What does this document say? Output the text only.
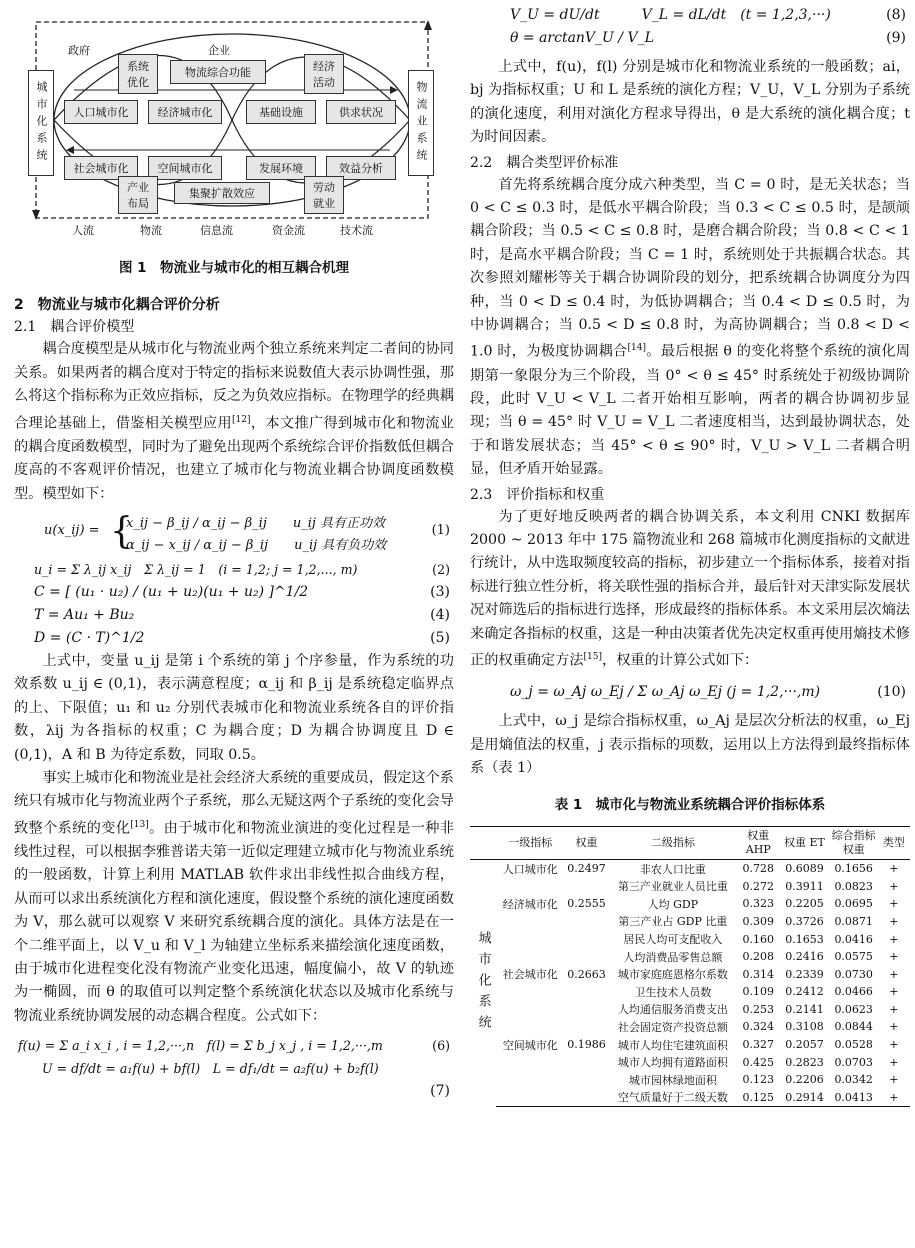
城市化系统	物流业系统
政府	企业
系统优化
物流综合功能	经济活动
人口城市化	经济城市化
社会城市化	空间城市化
基础设施	供求状况
发展环境	效益分析
产业布局
集聚扩散效应	劳动就业
人流	物流	信息流	资金流	技术流

图 1　物流业与城市化的相互耦合机理

2　物流业与城市化耦合评价分析

2.1　耦合评价模型

耦合度模型是从城市化与物流业两个独立系统来判定二者间的协同关系。如果两者的耦合度对于特定的指标来说数值大表示协调性强，那么将这个指标称为正效应指标，反之为负效应指标。在物理学的经典耦合理论基础上，借鉴相关模型应用[12]，本文推广得到城市化和物流业的耦合度函数模型，同时为了避免出现两个系统综合评价指数低但耦合度高的不客观评价情况，也建立了城市化与物流业耦合协调度函数模型。模型如下：

u(x_ij) = {
x_ij − β_ij / α_ij − β_ij　　u_ij 具有正功效
α_ij − x_ij / α_ij − β_ij　　u_ij 具有负功效
(1)
u_i = Σ λ_ij x_ij　Σ λ_ij = 1　(i = 1,2; j = 1,2,..., m)	(2)
C = [ (u₁ · u₂) / (u₁ + u₂)(u₁ + u₂) ]^1/2	(3)
T = Au₁ + Bu₂	(4)
D = (C · T)^1/2	(5)

上式中，变量 u_ij 是第 i 个系统的第 j 个序参量，作为系统的功效系数 u_ij ∈ (0,1)，表示满意程度；α_ij 和 β_ij 是系统稳定临界点的上、下限值；u₁ 和 u₂ 分别代表城市化和物流业系统各自的评价指数，λij 为各指标的权重；C 为耦合度；D 为耦合协调度且 D ∈ (0,1)，A 和 B 为待定系数，同取 0.5。

事实上城市化和物流业是社会经济大系统的重要成员，假定这个系统只有城市化与物流业两个子系统，那么无疑这两个子系统的变化会导致整个系统的变化[13]。由于城市化和物流业演进的变化过程是一种非线性过程，可以根据李雅普诺夫第一近似定理建立城市化与物流业系统的一般函数，计算上利用 MATLAB 软件求出非线性拟合曲线方程，从而可以求出系统演化方程和演化速度，假设整个系统的演化速度函数为 V，那么就可以观察 V 来研究系统耦合度的演化。具体方法是在一个二维平面上，以 V_u 和 V_l 为轴建立坐标系来描绘演化速度函数，由于城市化进程变化没有物流产业变化迅速，幅度偏小，故 V 的轨迹为一椭圆，而 θ 的取值可以判定整个系统演化状态以及城市化系统与物流业系统协调发展的动态耦合程度。公式如下：

f(u) = Σ a_i x_i , i = 1,2,···,n　f(l) = Σ b_j x_j , i = 1,2,···,m	(6)
U = df/dt = a₁f(u) + bf(l)　L = df₁/dt = a₂f(u) + b₂f(l)
(7)
V_U = dU/dt　　　V_L = dL/dt　(t = 1,2,3,···)	(8)
θ = arctanV_U / V_L	(9)

上式中，f(u)，f(l) 分别是城市化和物流业系统的一般函数；ai，bj 为指标权重；U 和 L 是系统的演化方程；V_U，V_L 分别为子系统的演化速度，利用对演化方程求导得出，θ 是大系统的演化耦合度；t 为时间因素。

2.2　耦合类型评价标准

首先将系统耦合度分成六种类型，当 C = 0 时，是无关状态；当 0 < C ≤ 0.3 时，是低水平耦合阶段；当 0.3 < C ≤ 0.5 时，是颉颃耦合阶段；当 0.5 < C ≤ 0.8 时，是磨合耦合阶段；当 0.8 < C < 1 时，是高水平耦合阶段；当 C = 1 时，系统则处于共振耦合状态。其次参照刘耀彬等关于耦合协调阶段的划分，把系统耦合协调度分为四种，当 0 < D ≤ 0.4 时，为低协调耦合；当 0.4 < D ≤ 0.5 时，为中协调耦合；当 0.5 < D ≤ 0.8 时，为高协调耦合；当 0.8 < D < 1.0 时，为极度协调耦合[14]。最后根据 θ 的变化将整个系统的演化周期第一象限分为三个阶段，当 0° < θ ≤ 45° 时系统处于初级协调阶段，此时 V_U < V_L 二者开始相互影响，两者的耦合协调初步显现；当 θ = 45° 时 V_U = V_L 二者速度相当，达到最协调状态，处于和谐发展状态；当 45° < θ ≤ 90° 时，V_U > V_L 二者耦合明显，但矛盾开始显露。

2.3　评价指标和权重

为了更好地反映两者的耦合协调关系，本文利用 CNKI 数据库 2000 ~ 2013 年中 175 篇物流业和 268 篇城市化测度指标的文献进行统计，从中选取频度较高的指标，初步建立一个指标体系，接着对指标进行独立性分析，将关联性强的指标合并，最后针对天津实际发展状况对筛选后的指标进行选择，形成最终的指标体系。本文采用层次熵法来确定各指标的权重，这是一种由决策者优先决定权重再使用熵技术修正的权重确定方法[15]，权重的计算公式如下：

ω_j = ω_Aj ω_Ej / Σ ω_Aj ω_Ej (j = 1,2,···,m)	(10)

上式中，ω_j 是综合指标权重，ω_Aj 是层次分析法的权重，ω_Ej 是用熵值法的权重，j 表示指标的项数，运用以上方法得到最终指标体系（表 1）

表 1　城市化与物流业系统耦合评价指标体系

	一级指标	权重	二级指标	权重 AHP	权重 ET	综合指标权重	类型
城市化系统	人口城市化	0.2497	非农人口比重	0.728	0.6089	0.1656	+
			第三产业就业人员比重	0.272	0.3911	0.0823	+
	经济城市化	0.2555	人均 GDP	0.323	0.2205	0.0695	+
			第三产业占 GDP 比重	0.309	0.3726	0.0871	+
			居民人均可支配收入	0.160	0.1653	0.0416	+
			人均消费品零售总额	0.208	0.2416	0.0575	+
	社会城市化	0.2663	城市家庭庭恩格尔系数	0.314	0.2339	0.0730	+
			卫生技术人员数	0.109	0.2412	0.0466	+
			人均通信服务消费支出	0.253	0.2141	0.0623	+
			社会固定资产投资总额	0.324	0.3108	0.0844	+
	空间城市化	0.1986	城市人均住宅建筑面积	0.327	0.2057	0.0528	+
			城市人均拥有道路面积	0.425	0.2823	0.0703	+
			城市园林绿地面积	0.123	0.2206	0.0342	+
			空气质量好于二级天数	0.125	0.2914	0.0413	+
